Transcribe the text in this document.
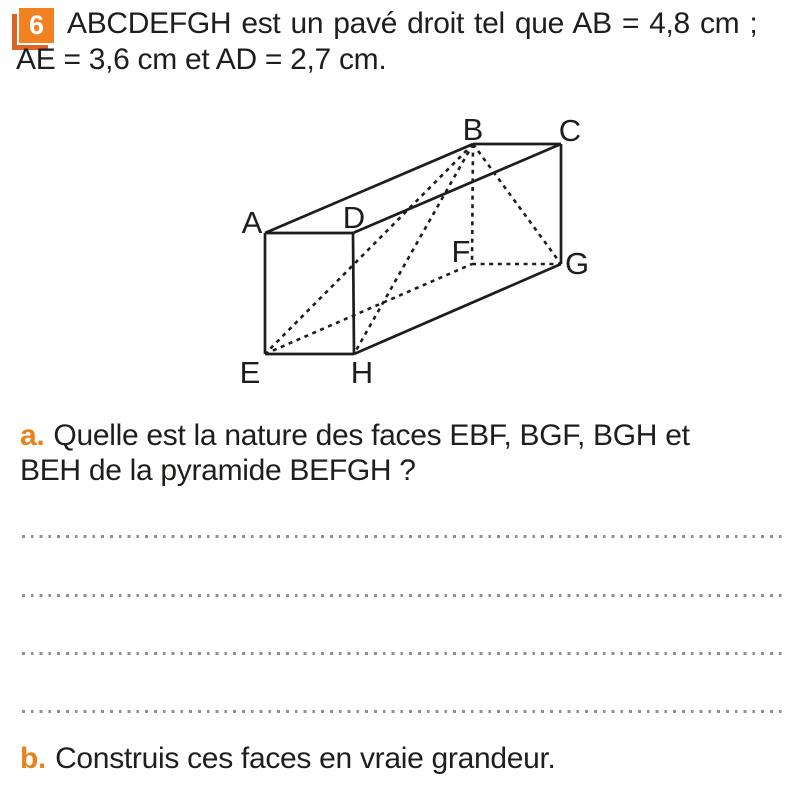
6 ABCDEFGH est un pavé droit tel que AB = 4,8 cm ;
AE = 3,6 cm et AD = 2,7 cm.
A
B C
D
E
F	G
H
a. Quelle est la nature des faces EBF, BGF, BGH et
BEH de la pyramide BEFGH ?
b. Construis ces faces en vraie grandeur.
